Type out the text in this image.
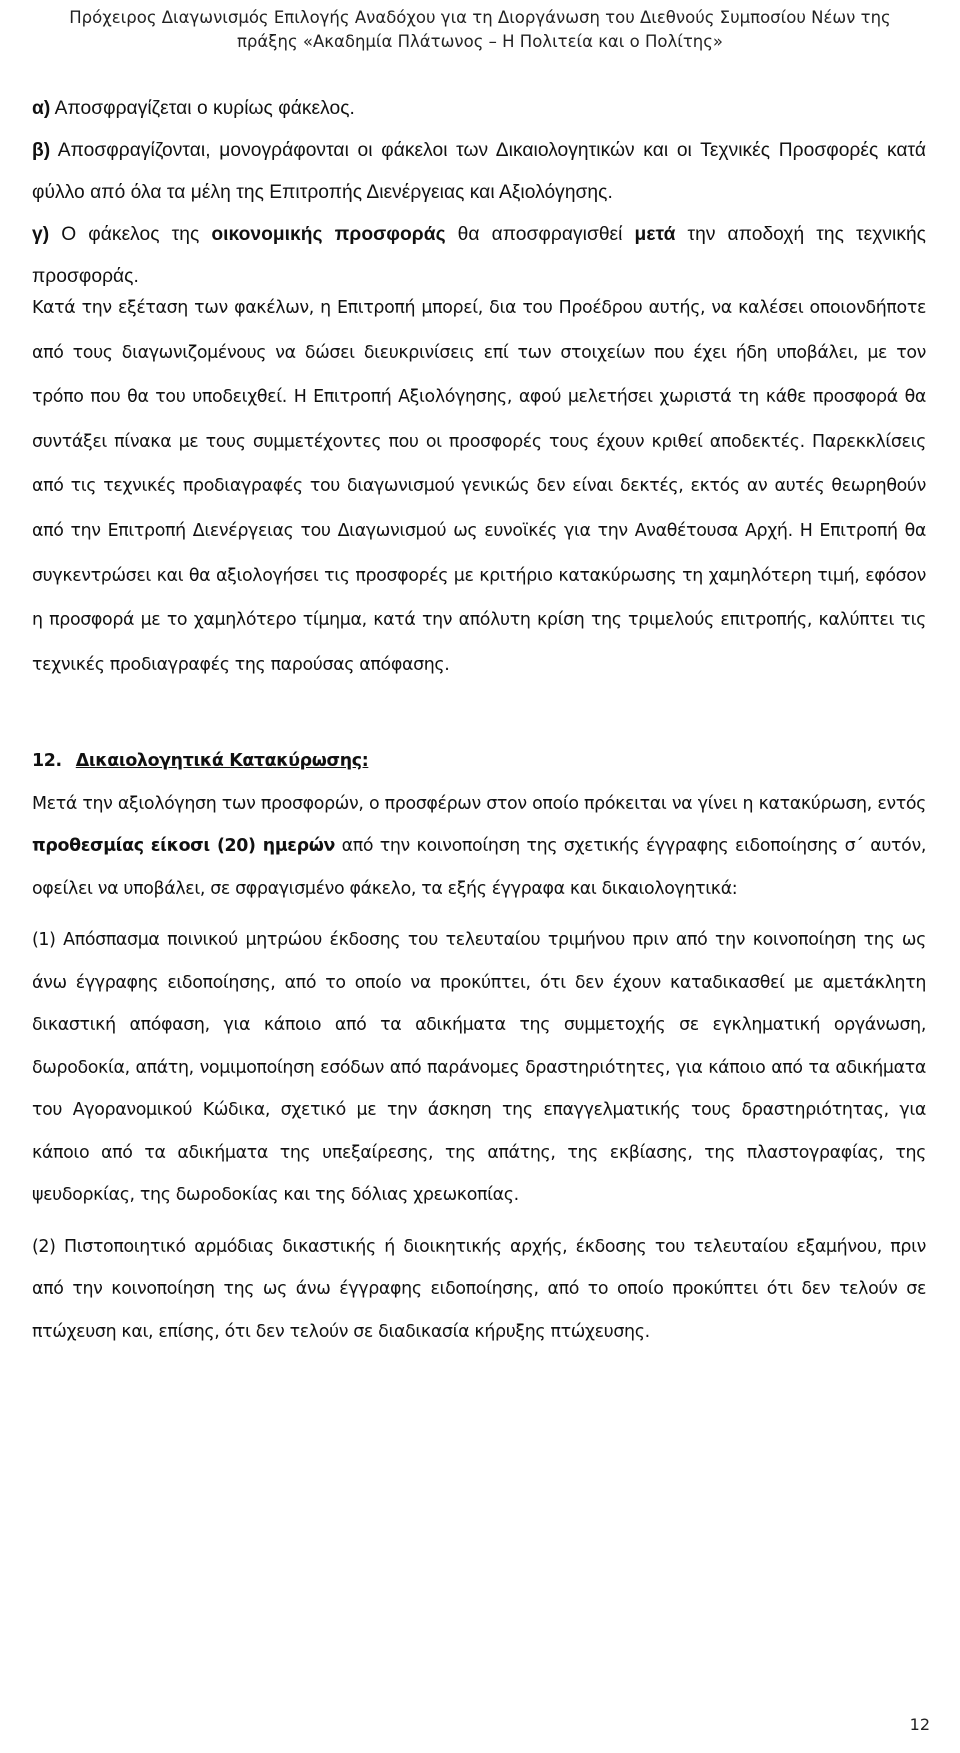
Πρόχειρος Διαγωνισμός Επιλογής Αναδόχου για τη Διοργάνωση του Διεθνούς Συμποσίου Νέων της
πράξης «Ακαδημία Πλάτωνος – Η Πολιτεία και ο Πολίτης»

α) Αποσφραγίζεται ο κυρίως φάκελος.

β) Αποσφραγίζονται, μονογράφονται οι φάκελοι των Δικαιολογητικών και οι Τεχνικές Προσφορές κατά φύλλο από όλα τα μέλη της Επιτροπής Διενέργειας και Αξιολόγησης.

γ) Ο φάκελος της οικονομικής προσφοράς θα αποσφραγισθεί μετά την αποδοχή της τεχνικής προσφοράς.

Κατά την εξέταση των φακέλων, η Επιτροπή μπορεί, δια του Προέδρου αυτής, να καλέσει οποιονδήποτε από τους διαγωνιζομένους να δώσει διευκρινίσεις επί των στοιχείων που έχει ήδη υποβάλει, με τον τρόπο που θα του υποδειχθεί. Η Επιτροπή Αξιολόγησης, αφού μελετήσει χωριστά τη κάθε προσφορά θα συντάξει πίνακα με τους συμμετέχοντες που οι προσφορές τους έχουν κριθεί αποδεκτές. Παρεκκλίσεις από τις τεχνικές προδιαγραφές του διαγωνισμού γενικώς δεν είναι δεκτές, εκτός αν αυτές θεωρηθούν από την Επιτροπή Διενέργειας του Διαγωνισμού ως ευνοϊκές για την Αναθέτουσα Αρχή. Η Επιτροπή θα συγκεντρώσει και θα αξιολογήσει τις προσφορές με κριτήριο κατακύρωσης τη χαμηλότερη τιμή, εφόσον η προσφορά με το χαμηλότερο τίμημα, κατά την απόλυτη κρίση της τριμελούς επιτροπής, καλύπτει τις τεχνικές προδιαγραφές της παρούσας απόφασης.

12. Δικαιολογητικά Κατακύρωσης:

Μετά την αξιολόγηση των προσφορών, ο προσφέρων στον οποίο πρόκειται να γίνει η κατακύρωση, εντός προθεσμίας είκοσι (20) ημερών από την κοινοποίηση της σχετικής έγγραφης ειδοποίησης σ΄ αυτόν, οφείλει να υποβάλει, σε σφραγισμένο φάκελο, τα εξής έγγραφα και δικαιολογητικά:

(1) Απόσπασμα ποινικού μητρώου έκδοσης του τελευταίου τριμήνου πριν από την κοινοποίηση της ως άνω έγγραφης ειδοποίησης, από το οποίο να προκύπτει, ότι δεν έχουν καταδικασθεί με αμετάκλητη δικαστική απόφαση, για κάποιο από τα αδικήματα της συμμετοχής σε εγκληματική οργάνωση, δωροδοκία, απάτη, νομιμοποίηση εσόδων από παράνομες δραστηριότητες, για κάποιο από τα αδικήματα του Αγορανομικού Κώδικα, σχετικό με την άσκηση της επαγγελματικής τους δραστηριότητας, για κάποιο από τα αδικήματα της υπεξαίρεσης, της απάτης, της εκβίασης, της πλαστογραφίας, της ψευδορκίας, της δωροδοκίας και της δόλιας χρεωκοπίας.

(2) Πιστοποιητικό αρμόδιας δικαστικής ή διοικητικής αρχής, έκδοσης του τελευταίου εξαμήνου, πριν από την κοινοποίηση της ως άνω έγγραφης ειδοποίησης, από το οποίο προκύπτει ότι δεν τελούν σε πτώχευση και, επίσης, ότι δεν τελούν σε διαδικασία κήρυξης πτώχευσης.

12
